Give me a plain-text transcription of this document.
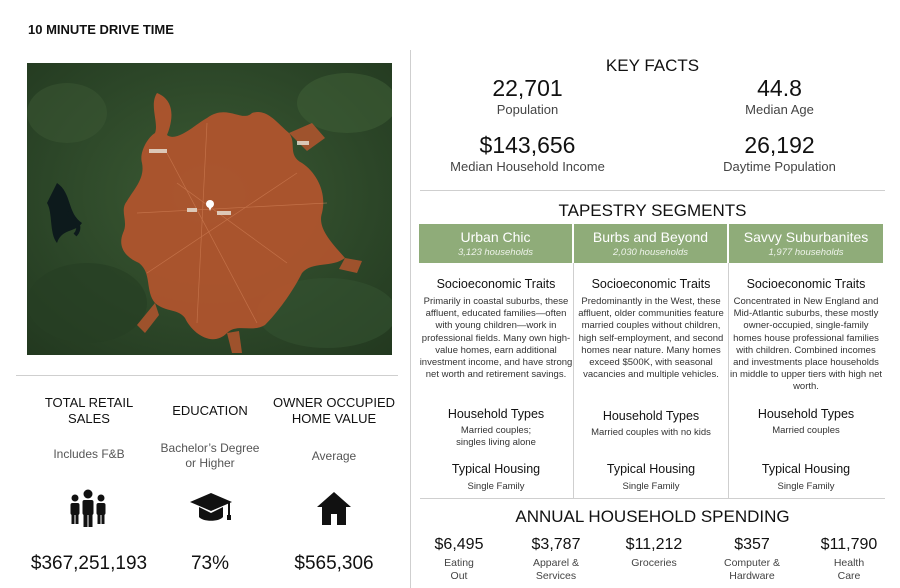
10 MINUTE DRIVE TIME
KEY FACTS
22,701
Population
44.8
Median Age
$143,656
Median Household Income
26,192
Daytime Population
TAPESTRY SEGMENTS
Urban Chic
3,123 households
Burbs and Beyond
2,030 households
Savvy Suburbanites
1,977 households
Socioeconomic Traits
Primarily in coastal suburbs, these affluent, educated families—often with young children—work in professional fields. Many own high-value homes, earn additional investment income, and have strong net worth and retirement savings.
Household Types
Married couples; singles living alone
Typical Housing
Single Family
Socioeconomic Traits
Predominantly in the West, these affluent, older communities feature married couples without children, high self-employment, and second homes near nature. Many homes exceed $500K, with seasonal vacancies and multiple vehicles.
Household Types
Married couples with no kids
Typical Housing
Single Family
Socioeconomic Traits
Concentrated in New England and Mid-Atlantic suburbs, these mostly owner-occupied, single-family homes house professional families with children. Combined incomes and investments place households in middle to upper tiers with high net worth.
Household Types
Married couples
Typical Housing
Single Family
ANNUAL HOUSEHOLD SPENDING
$6,495
Eating Out
$3,787
Apparel & Services
$11,212
Groceries
$357
Computer & Hardware
$11,790
Health Care
TOTAL RETAIL SALES
Includes F&B
$367,251,193
EDUCATION
Bachelor’s Degree or Higher
73%
OWNER OCCUPIED HOME VALUE
Average
$565,306
